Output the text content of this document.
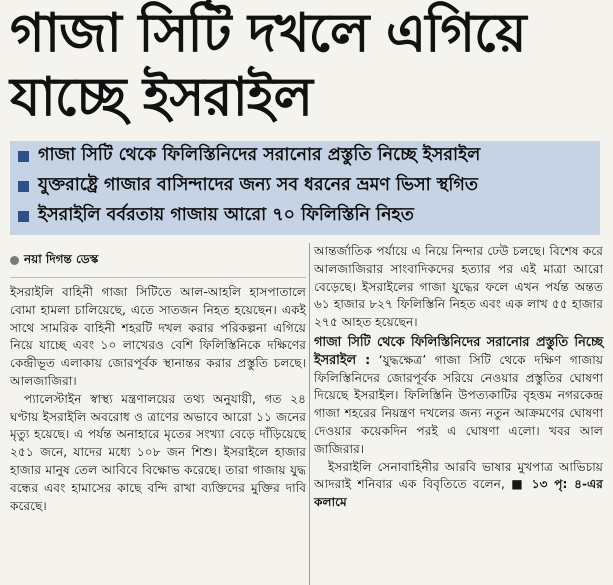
গাজা সিটি দখলে এগিয়ে
যাচ্ছে ইসরাইল
গাজা সিটি থেকে ফিলিস্তিনিদের সরানোর প্রস্তুতি নিচ্ছে ইসরাইল
যুক্তরাষ্ট্রে গাজার বাসিন্দাদের জন্য সব ধরনের ভ্রমণ ভিসা স্থগিত
ইসরাইলি বর্বরতায় গাজায় আরো ৭০ ফিলিস্তিনি নিহত
নয়া দিগন্ত ডেস্ক

ইসরাইলি বাহিনী গাজা সিটিতে আল-আহলি হাসপাতালে বোমা হামলা চালিয়েছে, এতে সাতজন নিহত হয়েছেন। একই সাথে সামরিক বাহিনী শহরটি দখল করার পরিকল্পনা এগিয়ে নিয়ে যাচ্ছে এবং ১০ লাখেরও বেশি ফিলিস্তিনিকে দক্ষিণের কেন্দ্রীভূত এলাকায় জোরপূর্বক স্থানান্তর করার প্রস্তুতি চলছে। আলজাজিরা।

প্যালেস্টাইন স্বাস্থ্য মন্ত্রণালয়ের তথ্য অনুযায়ী, গত ২৪ ঘণ্টায় ইসরাইলি অবরোধ ও ত্রাণের অভাবে আরো ১১ জনের মৃত্যু হয়েছে। এ পর্যন্ত অনাহারে মৃতের সংখ্যা বেড়ে দাঁড়িয়েছে ২৫১ জনে, যাদের মধ্যে ১০৮ জন শিশু। ইসরাইলে হাজার হাজার মানুষ তেল আবিবে বিক্ষোভ করেছে। তারা গাজায় যুদ্ধ বন্ধের এবং হামাসের কাছে বন্দি রাখা ব্যক্তিদের মুক্তির দাবি করেছে।

আন্তর্জাতিক পর্যায়ে এ নিয়ে নিন্দার ঢেউ চলছে। বিশেষ করে আলজাজিরার সাংবাদিকদের হত্যার পর এই মাত্রা আরো বেড়েছে। ইসরাইলের গাজা যুদ্ধের ফলে এখন পর্যন্ত অন্তত ৬১ হাজার ৮২৭ ফিলিস্তিনি নিহত এবং এক লাখ ৫৫ হাজার ২৭৫ আহত হয়েছেন।

গাজা সিটি থেকে ফিলিস্তিনিদের সরানোর প্রস্তুতি নিচ্ছে ইসরাইল : ‘যুদ্ধক্ষেত্র’ গাজা সিটি থেকে দক্ষিণ গাজায় ফিলিস্তিনিদের জোরপূর্বক সরিয়ে নেওয়ার প্রস্তুতির ঘোষণা দিয়েছে ইসরাইল। ফিলিস্তিনি উপত্যকাটির বৃহত্তম নগরকেন্দ্র গাজা শহরের নিয়ন্ত্রণ দখলের জন্য নতুন আক্রমণের ঘোষণা দেওয়ার কয়েকদিন পরই এ ঘোষণা এলো। খবর আল জাজিরার।

ইসরাইলি সেনাবাহিনীর আরবি ভাষার মুখপাত্র আভিচায় আদরাই শনিবার এক বিবৃতিতে বলেন, ■ ১৩ পৃ: ৪-এর কলামে
